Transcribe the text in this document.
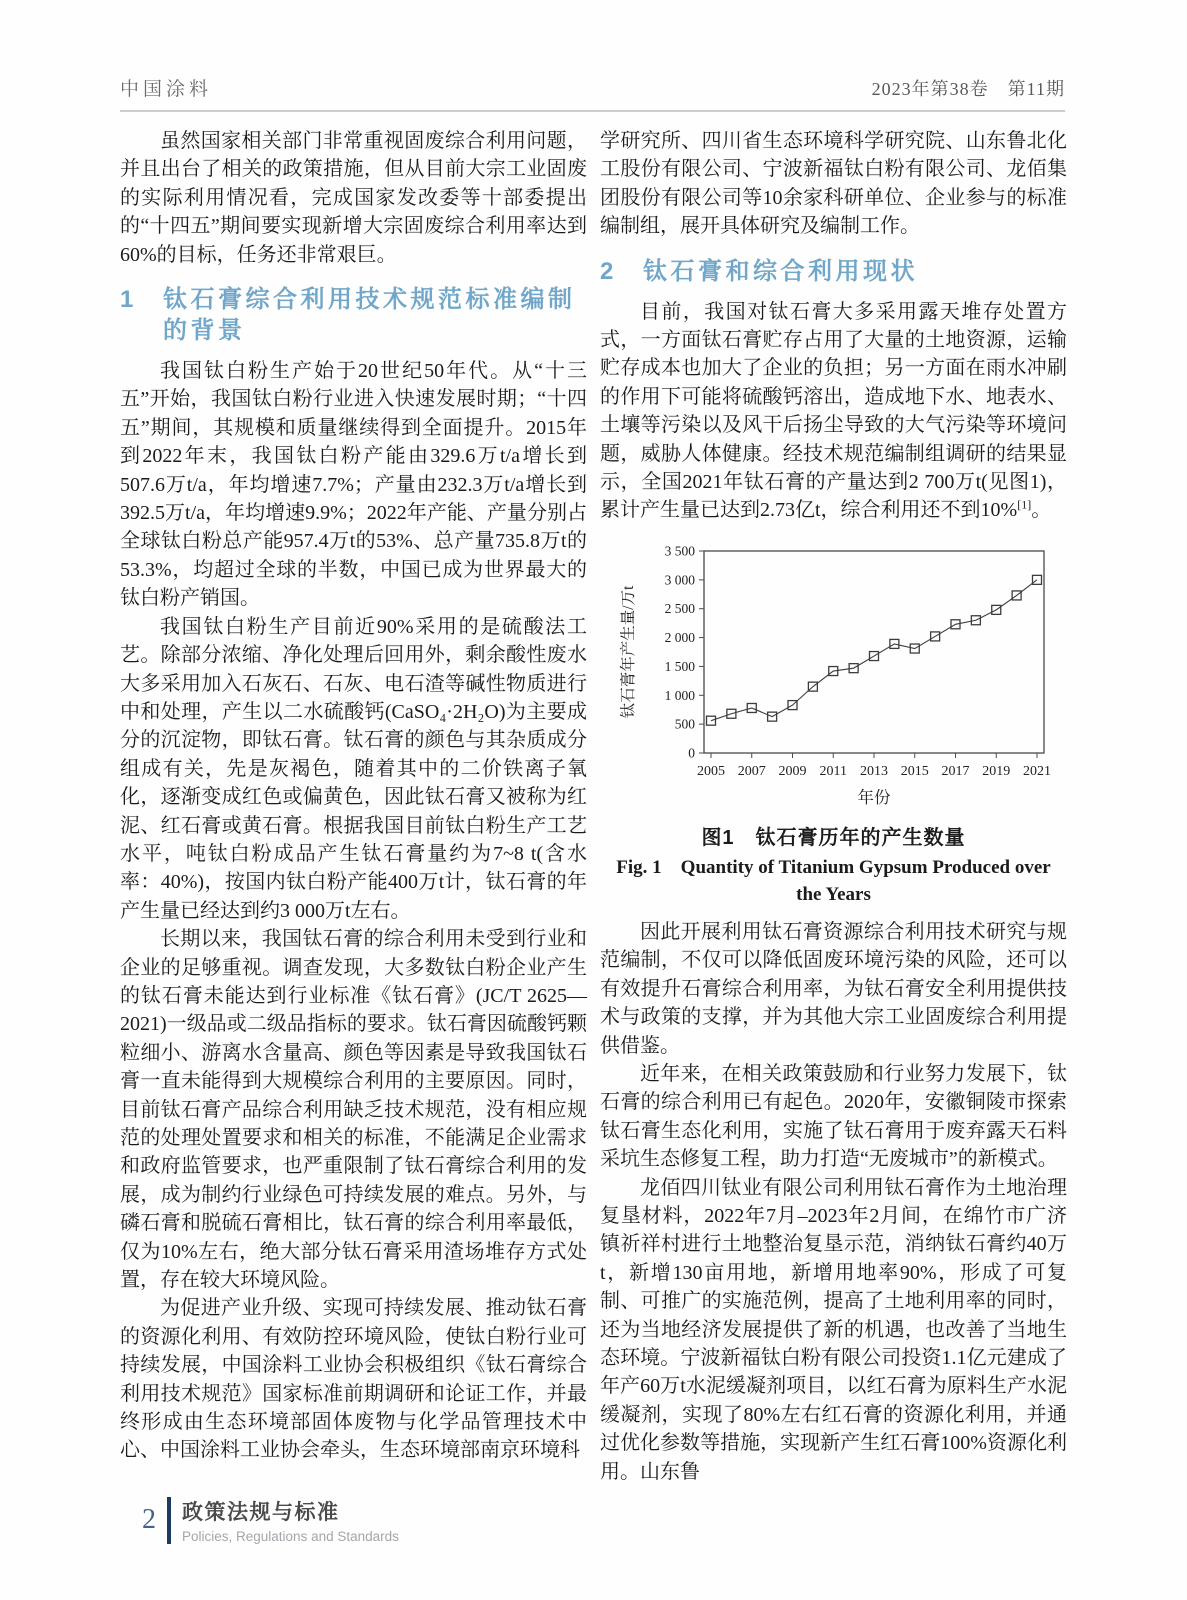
中国涂料	2023年第38卷　第11期

虽然国家相关部门非常重视固废综合利用问题，并且出台了相关的政策措施，但从目前大宗工业固废的实际利用情况看，完成国家发改委等十部委提出的“十四五”期间要实现新增大宗固废综合利用率达到60%的目标，任务还非常艰巨。

1	钛石膏综合利用技术规范标准编制的背景

我国钛白粉生产始于20世纪50年代。从“十三五”开始，我国钛白粉行业进入快速发展时期；“十四五”期间，其规模和质量继续得到全面提升。2015年到2022年末，我国钛白粉产能由329.6万t/a增长到507.6万t/a，年均增速7.7%；产量由232.3万t/a增长到392.5万t/a，年均增速9.9%；2022年产能、产量分别占全球钛白粉总产能957.4万t的53%、总产量735.8万t的53.3%，均超过全球的半数，中国已成为世界最大的钛白粉产销国。

我国钛白粉生产目前近90%采用的是硫酸法工艺。除部分浓缩、净化处理后回用外，剩余酸性废水大多采用加入石灰石、石灰、电石渣等碱性物质进行中和处理，产生以二水硫酸钙(CaSO₄·2H₂O)为主要成分的沉淀物，即钛石膏。钛石膏的颜色与其杂质成分组成有关，先是灰褐色，随着其中的二价铁离子氧化，逐渐变成红色或偏黄色，因此钛石膏又被称为红泥、红石膏或黄石膏。根据我国目前钛白粉生产工艺水平，吨钛白粉成品产生钛石膏量约为7~8 t(含水率：40%)，按国内钛白粉产能400万t计，钛石膏的年产生量已经达到约3 000万t左右。

长期以来，我国钛石膏的综合利用未受到行业和企业的足够重视。调查发现，大多数钛白粉企业产生的钛石膏未能达到行业标准《钛石膏》(JC/T 2625—2021)一级品或二级品指标的要求。钛石膏因硫酸钙颗粒细小、游离水含量高、颜色等因素是导致我国钛石膏一直未能得到大规模综合利用的主要原因。同时，目前钛石膏产品综合利用缺乏技术规范，没有相应规范的处理处置要求和相关的标准，不能满足企业需求和政府监管要求，也严重限制了钛石膏综合利用的发展，成为制约行业绿色可持续发展的难点。另外，与磷石膏和脱硫石膏相比，钛石膏的综合利用率最低，仅为10%左右，绝大部分钛石膏采用渣场堆存方式处置，存在较大环境风险。

为促进产业升级、实现可持续发展、推动钛石膏的资源化利用、有效防控环境风险，使钛白粉行业可持续发展，中国涂料工业协会积极组织《钛石膏综合利用技术规范》国家标准前期调研和论证工作，并最终形成由生态环境部固体废物与化学品管理技术中心、中国涂料工业协会牵头，生态环境部南京环境科

学研究所、四川省生态环境科学研究院、山东鲁北化工股份有限公司、宁波新福钛白粉有限公司、龙佰集团股份有限公司等10余家科研单位、企业参与的标准编制组，展开具体研究及编制工作。

2	钛石膏和综合利用现状

目前，我国对钛石膏大多采用露天堆存处置方式，一方面钛石膏贮存占用了大量的土地资源，运输贮存成本也加大了企业的负担；另一方面在雨水冲刷的作用下可能将硫酸钙溶出，造成地下水、地表水、土壤等污染以及风干后扬尘导致的大气污染等环境问题，威胁人体健康。经技术规范编制组调研的结果显示，全国2021年钛石膏的产量达到2 700万t(见图1)，累计产生量已达到2.73亿t，综合利用还不到10%[1]。

0
500
1 000
1 500
2 000
2 500
3 000
3 500
2005 2007 2009 2011 2013 2015 2017 2019 2021
钛石膏年产生量/万t
年份
图1　钛石膏历年的产生数量
Fig. 1　Quantity of Titanium Gypsum Produced over the Years

因此开展利用钛石膏资源综合利用技术研究与规范编制，不仅可以降低固废环境污染的风险，还可以有效提升石膏综合利用率，为钛石膏安全利用提供技术与政策的支撑，并为其他大宗工业固废综合利用提供借鉴。

近年来，在相关政策鼓励和行业努力发展下，钛石膏的综合利用已有起色。2020年，安徽铜陵市探索钛石膏生态化利用，实施了钛石膏用于废弃露天石料采坑生态修复工程，助力打造“无废城市”的新模式。

龙佰四川钛业有限公司利用钛石膏作为土地治理复垦材料，2022年7月–2023年2月间，在绵竹市广济镇祈祥村进行土地整治复垦示范，消纳钛石膏约40万t，新增130亩用地，新增用地率90%，形成了可复制、可推广的实施范例，提高了土地利用率的同时，还为当地经济发展提供了新的机遇，也改善了当地生态环境。宁波新福钛白粉有限公司投资1.1亿元建成了年产60万t水泥缓凝剂项目，以红石膏为原料生产水泥缓凝剂，实现了80%左右红石膏的资源化利用，并通过优化参数等措施，实现新产生红石膏100%资源化利用。山东鲁

2 政策法规与标准
Policies, Regulations and Standards
